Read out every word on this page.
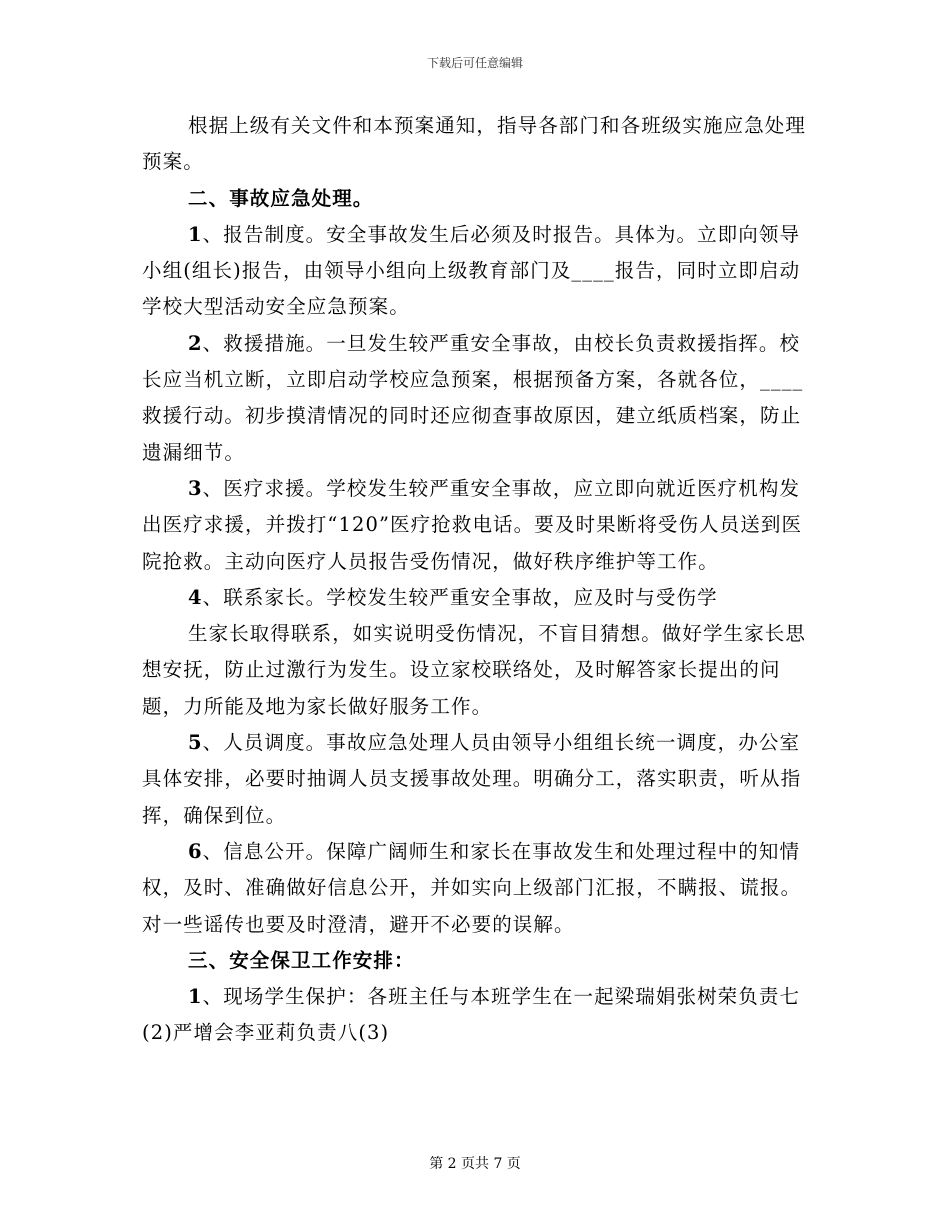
下载后可任意编辑

根据上级有关文件和本预案通知，指导各部门和各班级实施应急处理预案。

二、事故应急处理。

1、报告制度。安全事故发生后必须及时报告。具体为。立即向领导小组(组长)报告，由领导小组向上级教育部门及____报告，同时立即启动学校大型活动安全应急预案。

2、救援措施。一旦发生较严重安全事故，由校长负责救援指挥。校长应当机立断，立即启动学校应急预案，根据预备方案，各就各位，____救援行动。初步摸清情况的同时还应彻查事故原因，建立纸质档案，防止遗漏细节。

3、医疗求援。学校发生较严重安全事故，应立即向就近医疗机构发出医疗求援，并拨打“120”医疗抢救电话。要及时果断将受伤人员送到医院抢救。主动向医疗人员报告受伤情况，做好秩序维护等工作。

4、联系家长。学校发生较严重安全事故，应及时与受伤学

生家长取得联系，如实说明受伤情况，不盲目猜想。做好学生家长思想安抚，防止过激行为发生。设立家校联络处，及时解答家长提出的问题，力所能及地为家长做好服务工作。

5、人员调度。事故应急处理人员由领导小组组长统一调度，办公室具体安排，必要时抽调人员支援事故处理。明确分工，落实职责，听从指挥，确保到位。

6、信息公开。保障广阔师生和家长在事故发生和处理过程中的知情权，及时、准确做好信息公开，并如实向上级部门汇报，不瞒报、谎报。对一些谣传也要及时澄清，避开不必要的误解。

三、安全保卫工作安排：

1、现场学生保护：各班主任与本班学生在一起梁瑞娟张树荣负责七(2)严增会李亚莉负责八(3)

第 2 页共 7 页
